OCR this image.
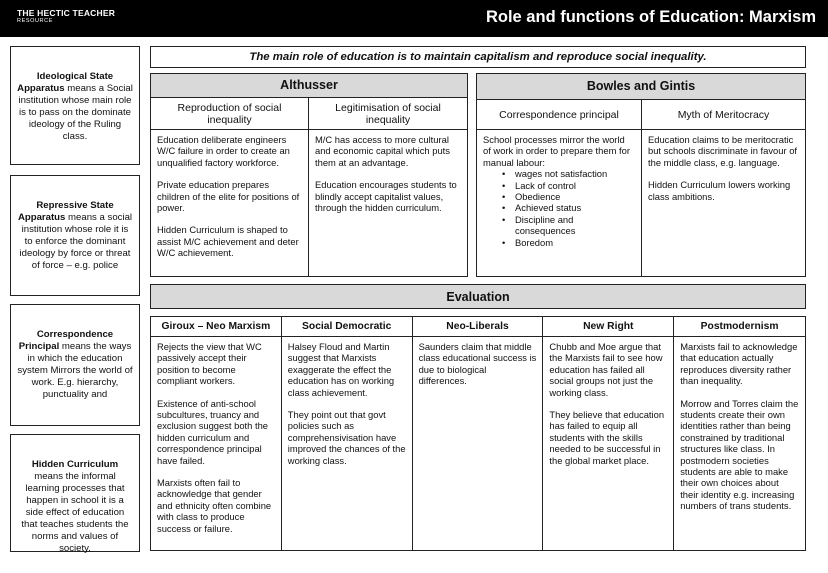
THE HECTIC TEACHER
RESOURCE	Role and functions of Education: Marxism
Ideological State Apparatus means a Social institution whose main role is to pass on the dominate ideology of the Ruling class.
Repressive State Apparatus means a social institution whose role it is to enforce the dominant ideology by force or threat of force – e.g. police
Correspondence Principal means the ways in which the education system Mirrors the world of work. E.g. hierarchy, punctuality and
Hidden Curriculum means the informal learning processes that happen in school it is a side effect of education that teaches students the norms and values of society.
The main role of education is to maintain capitalism and reproduce social inequality.
Althusser
Reproduction of social inequality
Legitimisation of social inequality

Education deliberate engineers W/C failure in order to create an unqualified factory workforce.

Private education prepares children of the elite for positions of power.

Hidden Curriculum is shaped to assist M/C achievement and deter W/C achievement.

M/C has access to more cultural and economic capital which puts them at an advantage.

Education encourages students to blindly accept capitalist values, through the hidden curriculum.

Bowles and Gintis
Correspondence principal	Myth of Meritocracy
School processes mirror the world of work in order to prepare them for manual labour:
• wages not satisfaction
• Lack of control
• Obedience
• Achieved status
• Discipline and consequences
• Boredom

Education claims to be meritocratic but schools discriminate in favour of the middle class, e.g. language.

Hidden Curriculum lowers working class ambitions.

Evaluation
Giroux – Neo Marxism

Rejects the view that WC passively accept their position to become compliant workers.

Existence of anti-school subcultures, truancy and exclusion suggest both the hidden curriculum and correspondence principal have failed.

Marxists often fail to acknowledge that gender and ethnicity often combine with class to produce success or failure.

Social Democratic

Halsey Floud and Martin suggest that Marxists exaggerate the effect the education has on working class achievement.

They point out that govt policies such as comprehensivisation have improved the chances of the working class.

Neo-Liberals

Saunders claim that middle class educational success is due to biological differences.

New Right

Chubb and Moe argue that the Marxists fail to see how education has failed all social groups not just the working class.

They believe that education has failed to equip all students with the skills needed to be successful in the global market place.

Postmodernism

Marxists fail to acknowledge that education actually reproduces diversity rather than inequality.

Morrow and Torres claim the students create their own identities rather than being constrained by traditional structures like class. In postmodern societies students are able to make their own choices about their identity e.g. increasing numbers of trans students.
